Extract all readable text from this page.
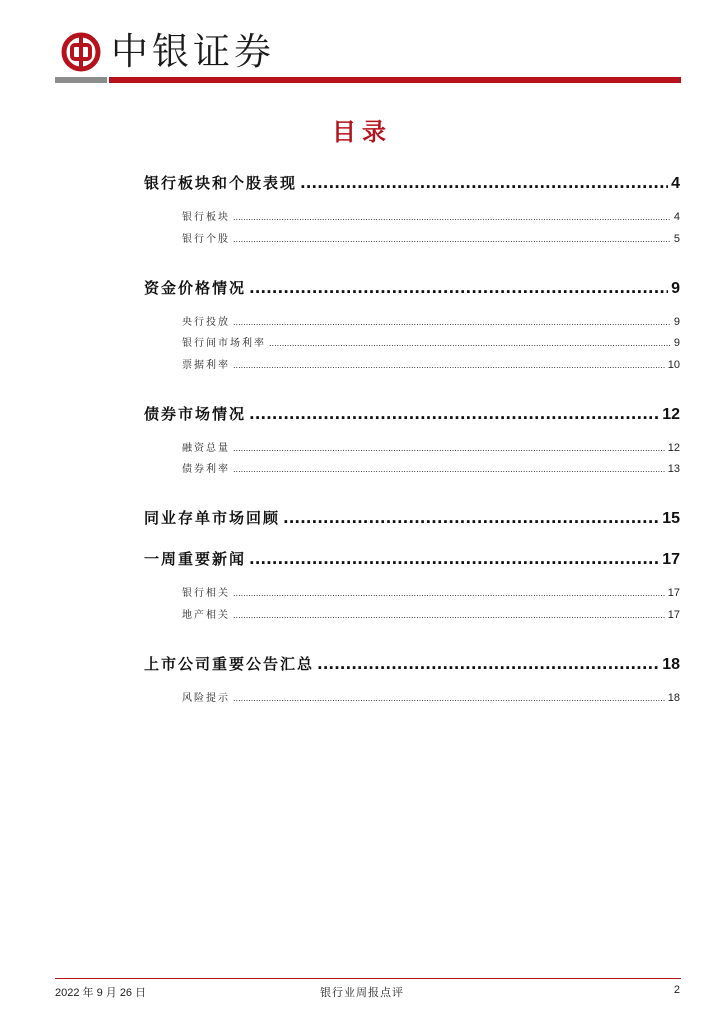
中银证券
目录
银行板块和个股表现 .....	4
银行板块 .....	4
银行个股 .....	5
资金价格情况 .....	9
央行投放 .....	9
银行间市场利率 .....	9
票据利率 .....	10
债券市场情况 .....	12
融资总量 .....	12
债券利率 .....	13
同业存单市场回顾 .....	15
一周重要新闻 .....	17
银行相关 .....	17
地产相关 .....	17
上市公司重要公告汇总 .....	18
风险提示 .....	18
2022 年 9 月 26 日	银行业周报点评	2
